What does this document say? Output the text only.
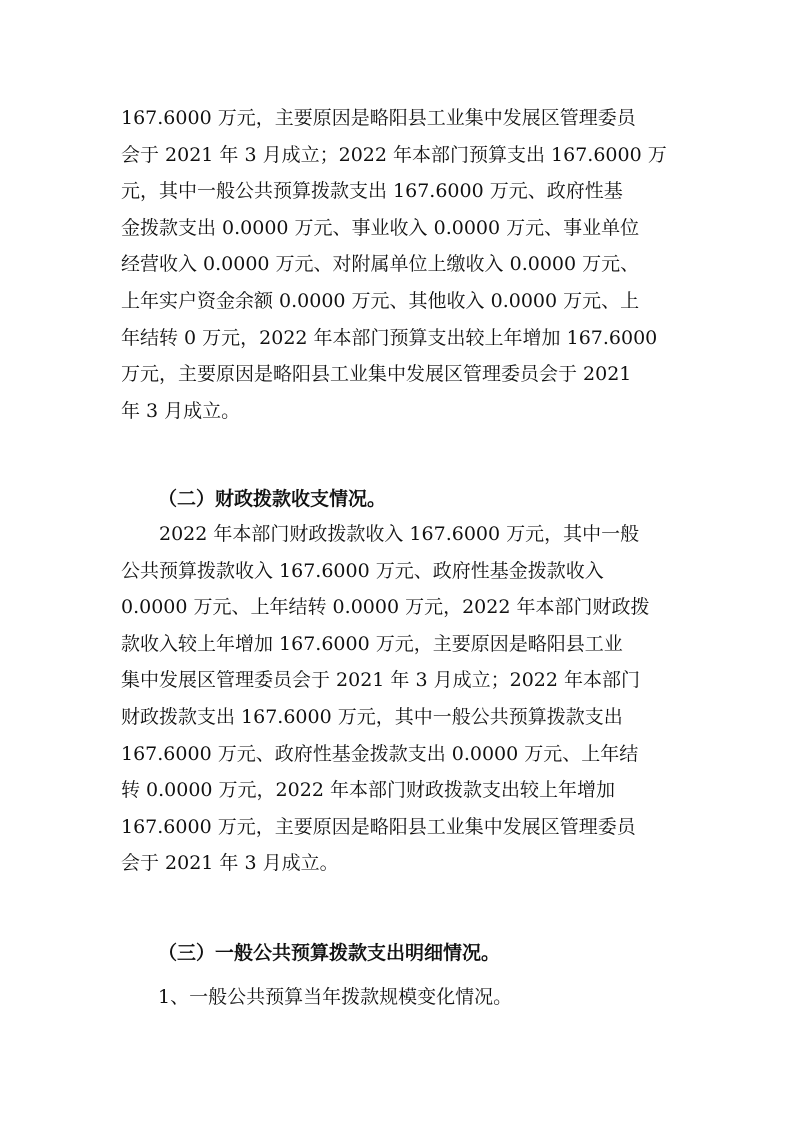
167.6000 万元，主要原因是略阳县工业集中发展区管理委员
会于 2021 年 3 月成立；2022 年本部门预算支出 167.6000 万
元，其中一般公共预算拨款支出 167.6000 万元、政府性基
金拨款支出 0.0000 万元、事业收入 0.0000 万元、事业单位
经营收入 0.0000 万元、对附属单位上缴收入 0.0000 万元、
上年实户资金余额 0.0000 万元、其他收入 0.0000 万元、上
年结转 0 万元，2022 年本部门预算支出较上年增加 167.6000
万元，主要原因是略阳县工业集中发展区管理委员会于 2021
年 3 月成立。
（二）财政拨款收支情况。
2022 年本部门财政拨款收入 167.6000 万元，其中一般
公共预算拨款收入 167.6000 万元、政府性基金拨款收入
0.0000 万元、上年结转 0.0000 万元，2022 年本部门财政拨
款收入较上年增加 167.6000 万元，主要原因是略阳县工业
集中发展区管理委员会于 2021 年 3 月成立；2022 年本部门
财政拨款支出 167.6000 万元，其中一般公共预算拨款支出
167.6000 万元、政府性基金拨款支出 0.0000 万元、上年结
转 0.0000 万元，2022 年本部门财政拨款支出较上年增加
167.6000 万元，主要原因是略阳县工业集中发展区管理委员
会于 2021 年 3 月成立。
（三）一般公共预算拨款支出明细情况。
1、一般公共预算当年拨款规模变化情况。
